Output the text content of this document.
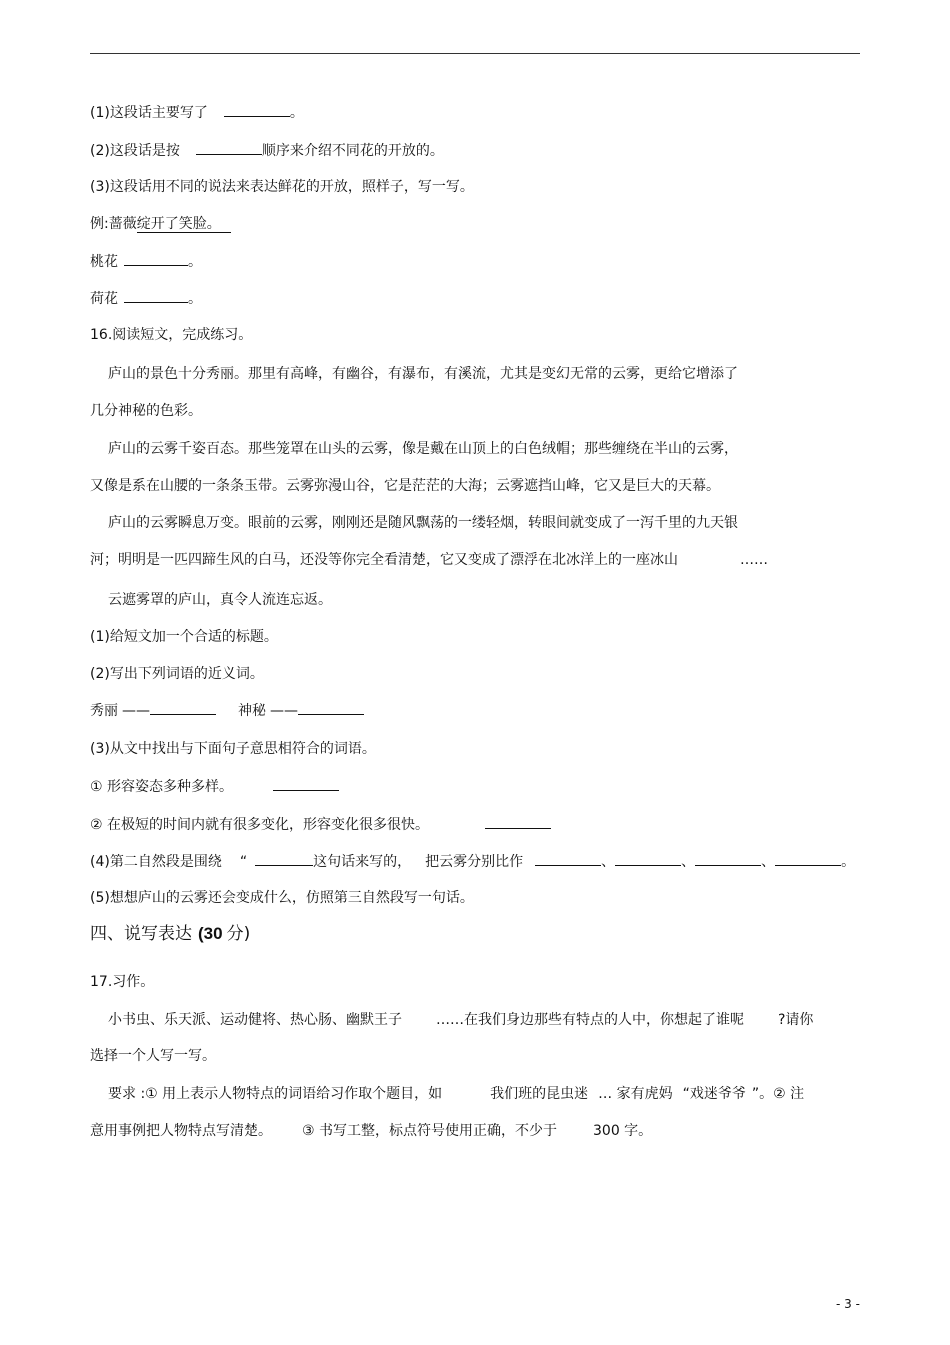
(1)这段话主要写了	。
(2)这段话是按	顺序来介绍不同花的开放的。
(3)这段话用不同的说法来表达鲜花的开放，照样子，写一写。
例:蔷薇绽开了笑脸。
桃花	。
荷花	。
16.阅读短文，完成练习。
庐山的景色十分秀丽。那里有高峰，有幽谷，有瀑布，有溪流，尤其是变幻无常的云雾，更给它增添了
几分神秘的色彩。
庐山的云雾千姿百态。那些笼罩在山头的云雾，像是戴在山顶上的白色绒帽；那些缠绕在半山的云雾，
又像是系在山腰的一条条玉带。云雾弥漫山谷，它是茫茫的大海；云雾遮挡山峰，它又是巨大的天幕。
庐山的云雾瞬息万变。眼前的云雾，刚刚还是随风飘荡的一缕轻烟，转眼间就变成了一泻千里的九天银
河；明明是一匹四蹄生风的白马，还没等你完全看清楚，它又变成了漂浮在北冰洋上的一座冰山	……
云遮雾罩的庐山，真令人流连忘返。
(1)给短文加一个合适的标题。
(2)写出下列词语的近义词。
秀丽 ——	神秘 ——
(3)从文中找出与下面句子意思相符合的词语。
① 形容姿态多种多样。
② 在极短的时间内就有很多变化，形容变化很多很快。
(4)第二自然段是围绕 “	这句话来写的， 把云雾分别比作	、	、	、	。
(5)想想庐山的云雾还会变成什么，仿照第三自然段写一句话。
四、说写表达 (30 分)
17.习作。
小书虫、乐天派、运动健将、热心肠、幽默王子 ……在我们身边那些有特点的人中，你想起了谁呢 ?请你
选择一个人写一写。
要求 :① 用上表示人物特点的词语给习作取个题目，如	我们班的昆虫迷 … 家有虎妈 “戏迷爷爷 ”。② 注
意用事例把人物特点写清楚。 ③ 书写工整，标点符号使用正确，不少于	300 字。
- 3 -
